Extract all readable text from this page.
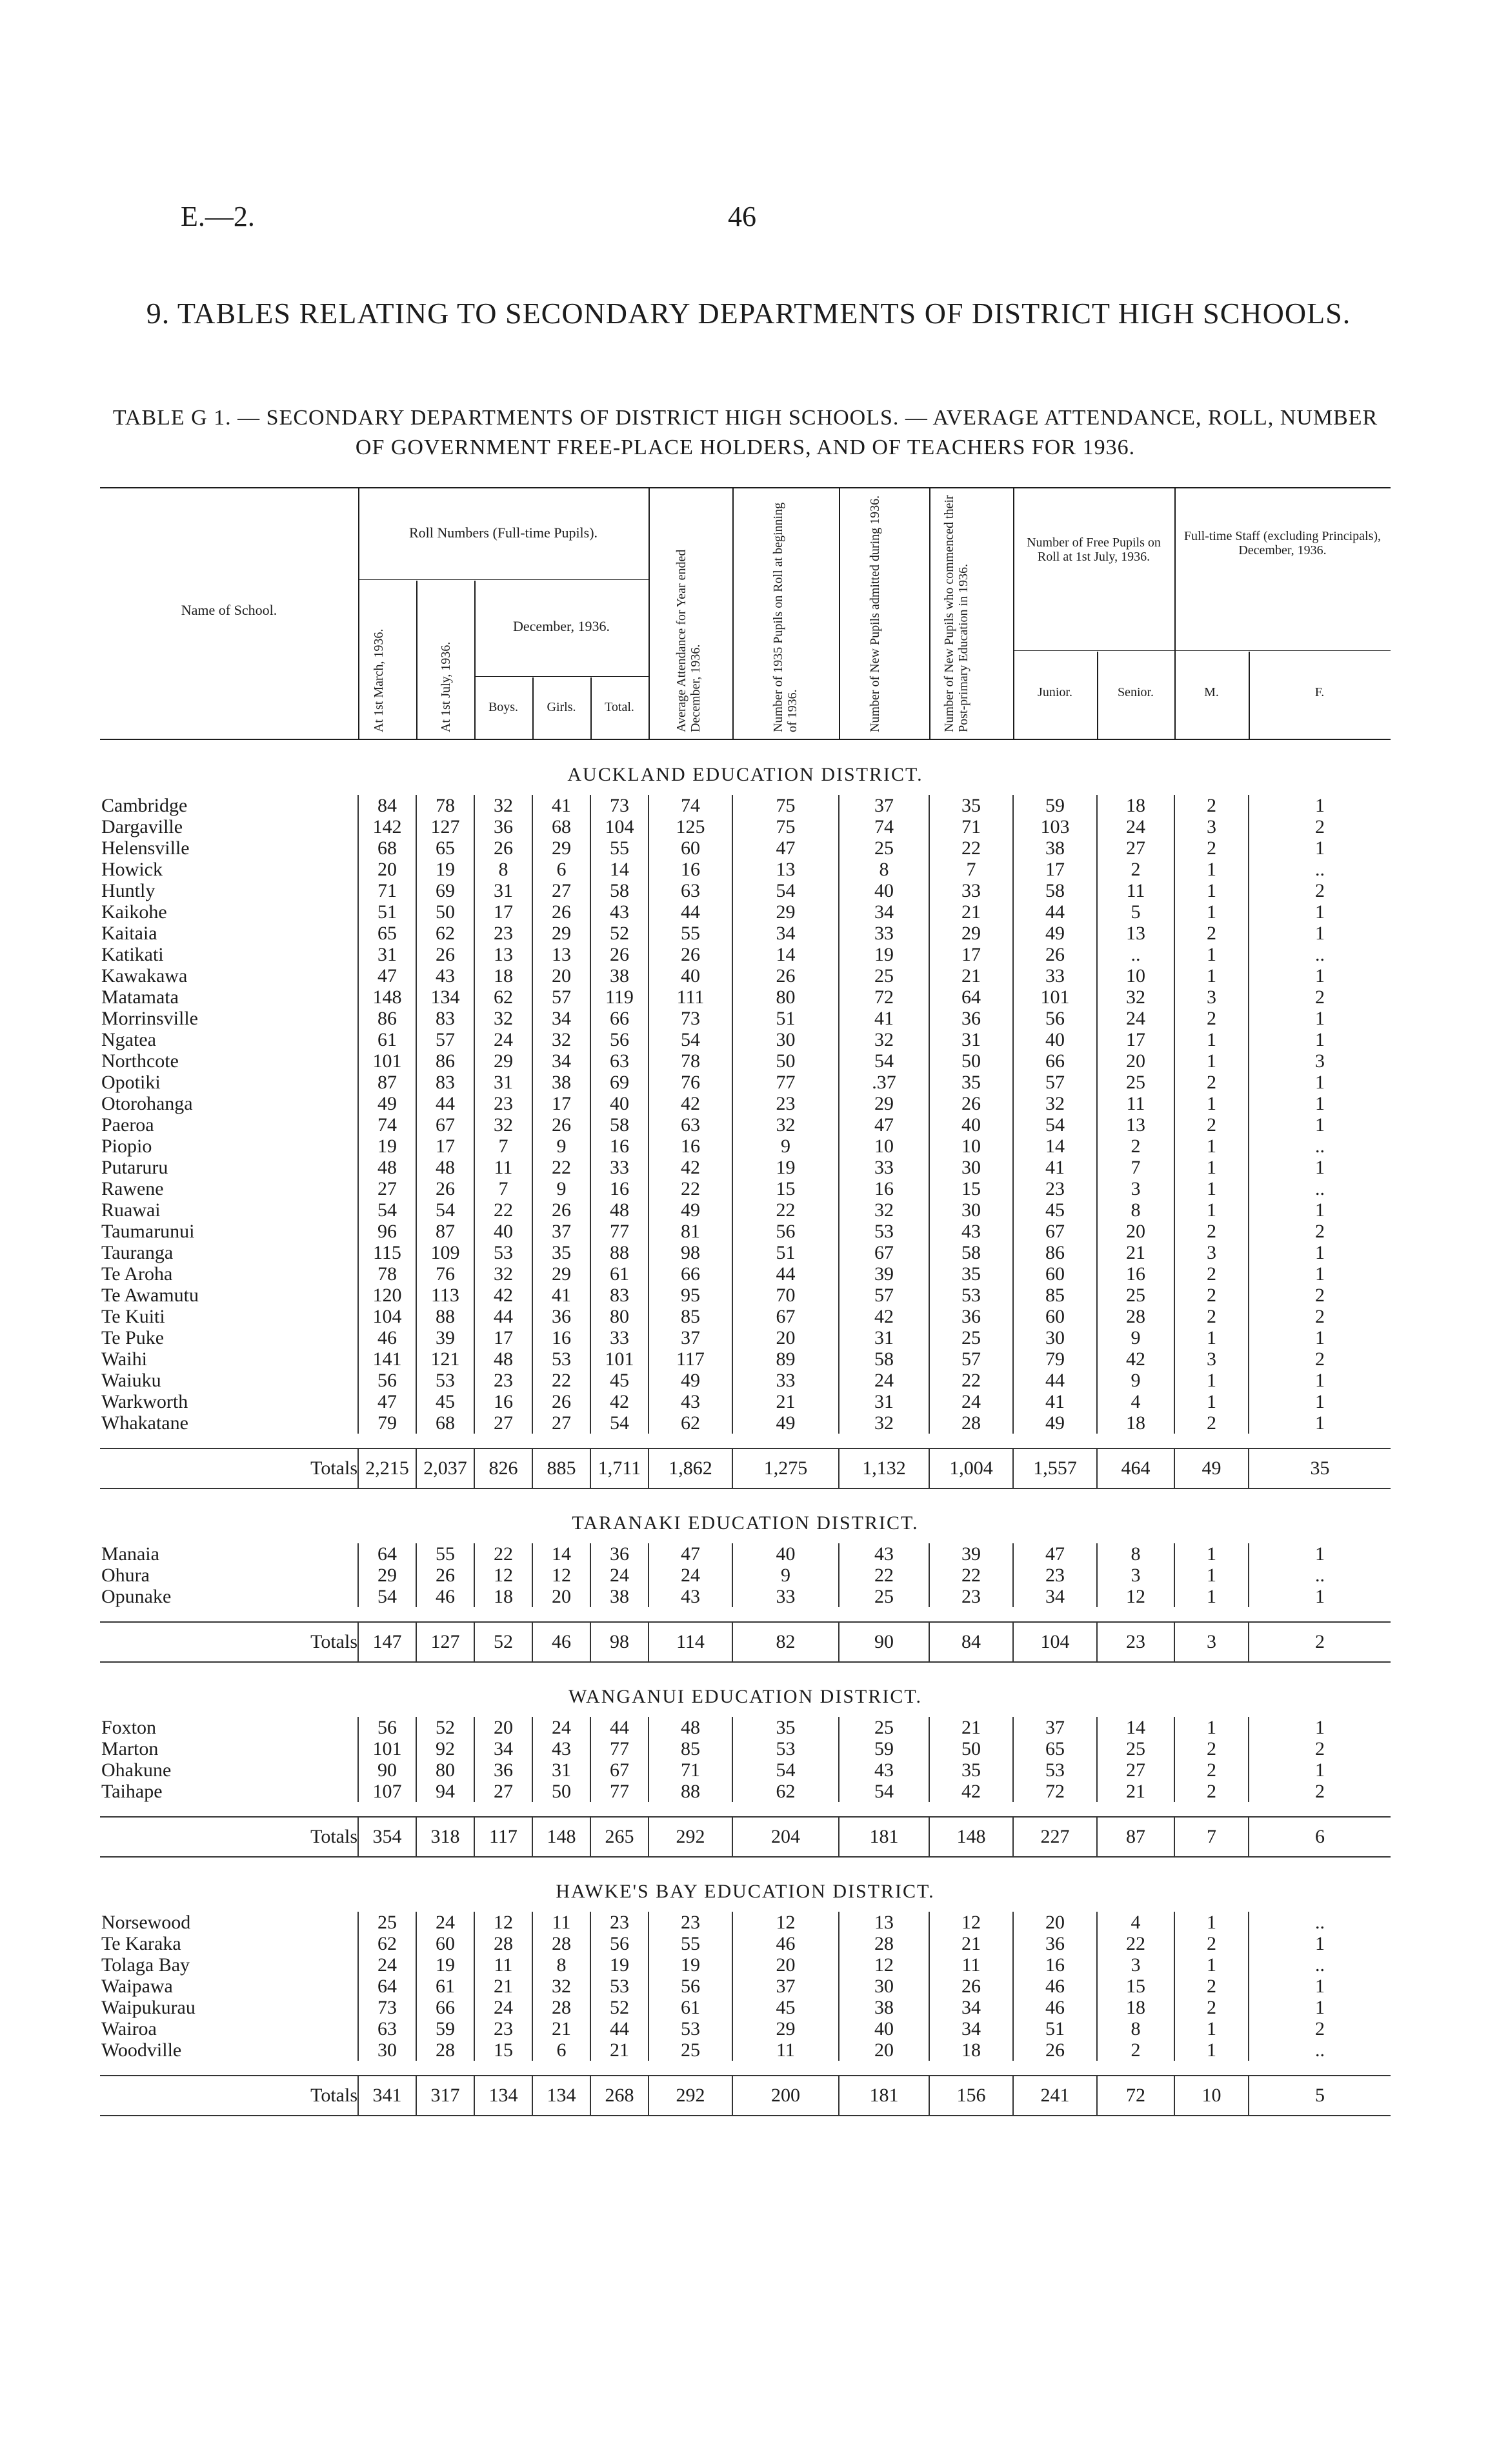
E.—2.	46
9. TABLES RELATING TO SECONDARY DEPARTMENTS OF DISTRICT HIGH SCHOOLS.
TABLE G 1. — SECONDARY DEPARTMENTS OF DISTRICT HIGH SCHOOLS. — AVERAGE ATTENDANCE, ROLL, NUMBER OF GOVERNMENT FREE-PLACE HOLDERS, AND OF TEACHERS FOR 1936.
Name of School.
Roll Numbers (Full-time Pupils).
At 1st March, 1936.	At 1st July, 1936.
December, 1936.
Boys.	Girls.	Total.	Average Attendance for Year ended December, 1936.	Number of 1935 Pupils on Roll at beginning of 1936.	Number of New Pupils admitted during 1936.	Number of New Pupils who commenced their Post-primary Education in 1936.
Number of Free Pupils on Roll at 1st July, 1936.
Junior.	Senior.
Full-time Staff (excluding Principals), December, 1936.
M.	F.
AUCKLAND EDUCATION DISTRICT.													
Cambridge	84	78	32	41	73	74	75	37	35	59	18	2	1
Dargaville	142	127	36	68	104	125	75	74	71	103	24	3	2
Helensville	68	65	26	29	55	60	47	25	22	38	27	2	1
Howick	20	19	8	6	14	16	13	8	7	17	2	1	..
Huntly	71	69	31	27	58	63	54	40	33	58	11	1	2
Kaikohe	51	50	17	26	43	44	29	34	21	44	5	1	1
Kaitaia	65	62	23	29	52	55	34	33	29	49	13	2	1
Katikati	31	26	13	13	26	26	14	19	17	26	..	1	..
Kawakawa	47	43	18	20	38	40	26	25	21	33	10	1	1
Matamata	148	134	62	57	119	111	80	72	64	101	32	3	2
Morrinsville	86	83	32	34	66	73	51	41	36	56	24	2	1
Ngatea	61	57	24	32	56	54	30	32	31	40	17	1	1
Northcote	101	86	29	34	63	78	50	54	50	66	20	1	3
Opotiki	87	83	31	38	69	76	77	.37	35	57	25	2	1
Otorohanga	49	44	23	17	40	42	23	29	26	32	11	1	1
Paeroa	74	67	32	26	58	63	32	47	40	54	13	2	1
Piopio	19	17	7	9	16	16	9	10	10	14	2	1	..
Putaruru	48	48	11	22	33	42	19	33	30	41	7	1	1
Rawene	27	26	7	9	16	22	15	16	15	23	3	1	..
Ruawai	54	54	22	26	48	49	22	32	30	45	8	1	1
Taumarunui	96	87	40	37	77	81	56	53	43	67	20	2	2
Tauranga	115	109	53	35	88	98	51	67	58	86	21	3	1
Te Aroha	78	76	32	29	61	66	44	39	35	60	16	2	1
Te Awamutu	120	113	42	41	83	95	70	57	53	85	25	2	2
Te Kuiti	104	88	44	36	80	85	67	42	36	60	28	2	2
Te Puke	46	39	17	16	33	37	20	31	25	30	9	1	1
Waihi	141	121	48	53	101	117	89	58	57	79	42	3	2
Waiuku	56	53	23	22	45	49	33	24	22	44	9	1	1
Warkworth	47	45	16	26	42	43	21	31	24	41	4	1	1
Whakatane	79	68	27	27	54	62	49	32	28	49	18	2	1

Totals	2,215	2,037	826	885	1,711	1,862	1,275	1,132	1,004	1,557	464	49	35

TARANAKI EDUCATION DISTRICT.													
Manaia	64	55	22	14	36	47	40	43	39	47	8	1	1
Ohura	29	26	12	12	24	24	9	22	22	23	3	1	..
Opunake	54	46	18	20	38	43	33	25	23	34	12	1	1

Totals	147	127	52	46	98	114	82	90	84	104	23	3	2

WANGANUI EDUCATION DISTRICT.													
Foxton	56	52	20	24	44	48	35	25	21	37	14	1	1
Marton	101	92	34	43	77	85	53	59	50	65	25	2	2
Ohakune	90	80	36	31	67	71	54	43	35	53	27	2	1
Taihape	107	94	27	50	77	88	62	54	42	72	21	2	2

Totals	354	318	117	148	265	292	204	181	148	227	87	7	6

HAWKE'S BAY EDUCATION DISTRICT.													
Norsewood	25	24	12	11	23	23	12	13	12	20	4	1	..
Te Karaka	62	60	28	28	56	55	46	28	21	36	22	2	1
Tolaga Bay	24	19	11	8	19	19	20	12	11	16	3	1	..
Waipawa	64	61	21	32	53	56	37	30	26	46	15	2	1
Waipukurau	73	66	24	28	52	61	45	38	34	46	18	2	1
Wairoa	63	59	23	21	44	53	29	40	34	51	8	1	2
Woodville	30	28	15	6	21	25	11	20	18	26	2	1	..

Totals	341	317	134	134	268	292	200	181	156	241	72	10	5
